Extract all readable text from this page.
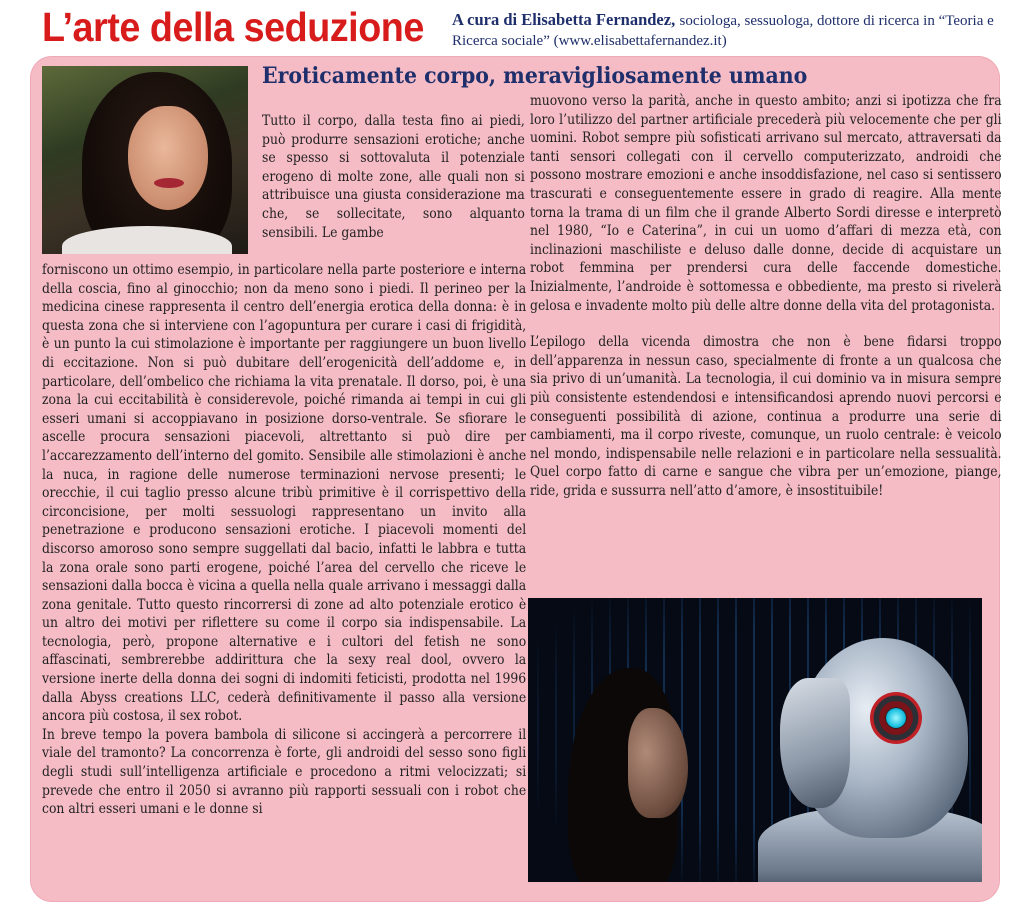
L’arte della seduzione A cura di Elisabetta Fernandez, sociologa, sessuologa, dottore di ricerca in “Teoria e Ricerca sociale” (www.elisabettafernandez.it)
Eroticamente corpo, meravigliosamente umano

Tutto il corpo, dalla testa fino ai piedi, può produrre sensazioni erotiche; anche se spesso si sottovaluta il potenziale erogeno di molte zone, alle quali non si attribuisce una giusta considerazione ma che, se sollecitate, sono alquanto sensibili. Le gambe

forniscono un ottimo esempio, in particolare nella parte posteriore e interna della coscia, fino al ginocchio; non da meno sono i piedi. Il perineo per la medicina cinese rappresenta il centro dell’energia erotica della donna: è in questa zona che si interviene con l’agopuntura per curare i casi di frigidità, è un punto la cui stimolazione è importante per raggiungere un buon livello di eccitazione. Non si può dubitare dell’erogenicità dell’addome e, in particolare, dell’ombelico che richiama la vita prenatale. Il dorso, poi, è una zona la cui eccitabilità è considerevole, poiché rimanda ai tempi in cui gli esseri umani si accoppiavano in posizione dorso-ventrale. Se sfiorare le ascelle procura sensazioni piacevoli, altrettanto si può dire per l’accarezzamento dell’interno del gomito. Sensibile alle stimolazioni è anche la nuca, in ragione delle numerose terminazioni nervose presenti; le orecchie, il cui taglio presso alcune tribù primitive è il corrispettivo della circoncisione, per molti sessuologi rappresentano un invito alla penetrazione e producono sensazioni erotiche. I piacevoli momenti del discorso amoroso sono sempre suggellati dal bacio, infatti le labbra e tutta la zona orale sono parti erogene, poiché l’area del cervello che riceve le sensazioni dalla bocca è vicina a quella nella quale arrivano i messaggi dalla zona genitale. Tutto questo rincorrersi di zone ad alto potenziale erotico è un altro dei motivi per riflettere su come il corpo sia indispensabile. La tecnologia, però, propone alternative e i cultori del fetish ne sono affascinati, sembrerebbe addirittura che la sexy real dool, ovvero la versione inerte della donna dei sogni di indomiti feticisti, prodotta nel 1996 dalla Abyss creations LLC, cederà definitivamente il passo alla versione ancora più costosa, il sex robot.

In breve tempo la povera bambola di silicone si accingerà a percorrere il viale del tramonto? La concorrenza è forte, gli androidi del sesso sono figli degli studi sull’intelligenza artificiale e procedono a ritmi velocizzati; si prevede che entro il 2050 si avranno più rapporti sessuali con i robot che con altri esseri umani e le donne si

muovono verso la parità, anche in questo ambito; anzi si ipotizza che fra loro l’utilizzo del partner artificiale precederà più velocemente che per gli uomini. Robot sempre più sofisticati arrivano sul mercato, attraversati da tanti sensori collegati con il cervello computerizzato, androidi che possono mostrare emozioni e anche insoddisfazione, nel caso si sentissero trascurati e conseguentemente essere in grado di reagire. Alla mente torna la trama di un film che il grande Alberto Sordi diresse e interpretò nel 1980, “Io e Caterina”, in cui un uomo d’affari di mezza età, con inclinazioni maschiliste e deluso dalle donne, decide di acquistare un robot femmina per prendersi cura delle faccende domestiche. Inizialmente, l’androide è sottomessa e obbediente, ma presto si rivelerà gelosa e invadente molto più delle altre donne della vita del protagonista.

L’epilogo della vicenda dimostra che non è bene fidarsi troppo dell’apparenza in nessun caso, specialmente di fronte a un qualcosa che sia privo di un’umanità. La tecnologia, il cui dominio va in misura sempre più consistente estendendosi e intensificandosi aprendo nuovi percorsi e conseguenti possibilità di azione, continua a produrre una serie di cambiamenti, ma il corpo riveste, comunque, un ruolo centrale: è veicolo nel mondo, indispensabile nelle relazioni e in particolare nella sessualità. Quel corpo fatto di carne e sangue che vibra per un’emozione, piange, ride, grida e sussurra nell’atto d’amore, è insostituibile!
